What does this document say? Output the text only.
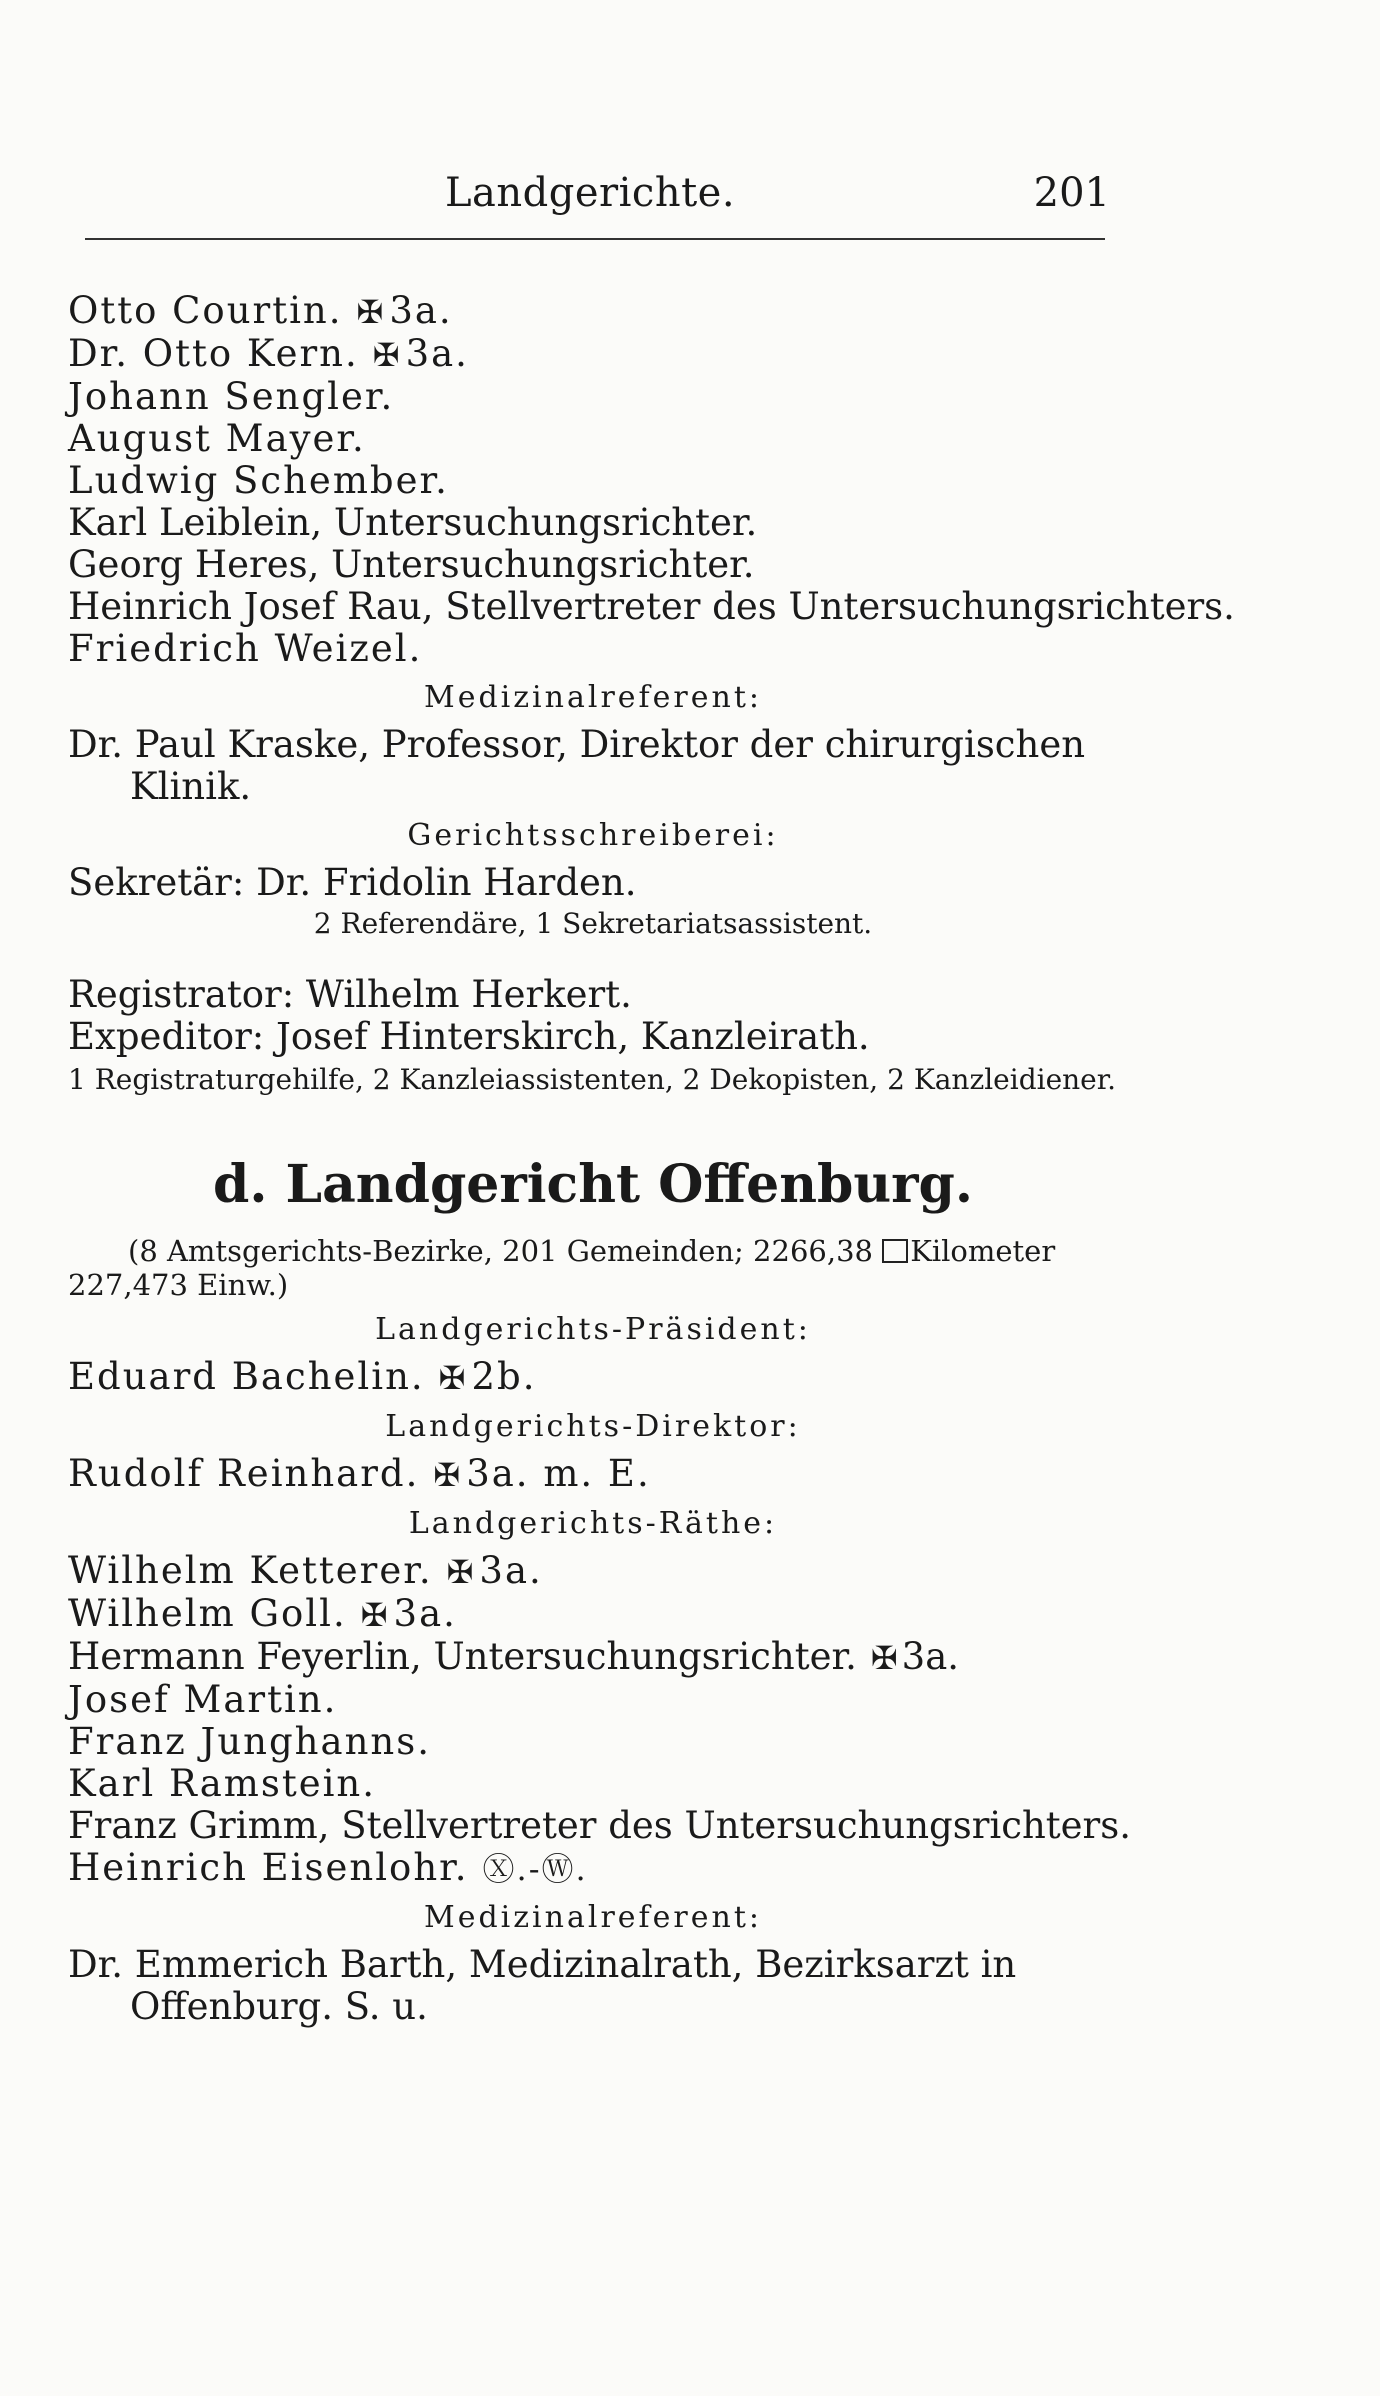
Landgerichte.	201
Otto Courtin. ✠ 3a.
Dr. Otto Kern. ✠ 3a.
Johann Sengler.
August Mayer.
Ludwig Schember.
Karl Leiblein, Untersuchungsrichter.
Georg Heres, Untersuchungsrichter.
Heinrich Josef Rau, Stellvertreter des Untersuchungsrichters.
Friedrich Weizel.
Medizinalreferent:
Dr. Paul Kraske, Professor, Direktor der chirurgischen Klinik.
Gerichtsschreiberei:
Sekretär: Dr. Fridolin Harden.
2 Referendäre, 1 Sekretariatsassistent.
Registrator: Wilhelm Herkert.
Expeditor: Josef Hinterskirch, Kanzleirath.
1 Registraturgehilfe, 2 Kanzleiassistenten, 2 Dekopisten, 2 Kanzleidiener.
d. Landgericht Offenburg.
(8 Amtsgerichts-Bezirke, 201 Gemeinden; 2266,38 Kilometer 227,473 Einw.)
Landgerichts-Präsident:
Eduard Bachelin. ✠ 2b.
Landgerichts-Direktor:
Rudolf Reinhard. ✠ 3a. m. E.
Landgerichts-Räthe:
Wilhelm Ketterer. ✠ 3a.
Wilhelm Goll. ✠ 3a.
Hermann Feyerlin, Untersuchungsrichter. ✠ 3a.
Josef Martin.
Franz Junghanns.
Karl Ramstein.
Franz Grimm, Stellvertreter des Untersuchungsrichters.
Heinrich Eisenlohr. Ⓧ.-Ⓦ.
Medizinalreferent:
Dr. Emmerich Barth, Medizinalrath, Bezirksarzt in Offenburg. S. u.
